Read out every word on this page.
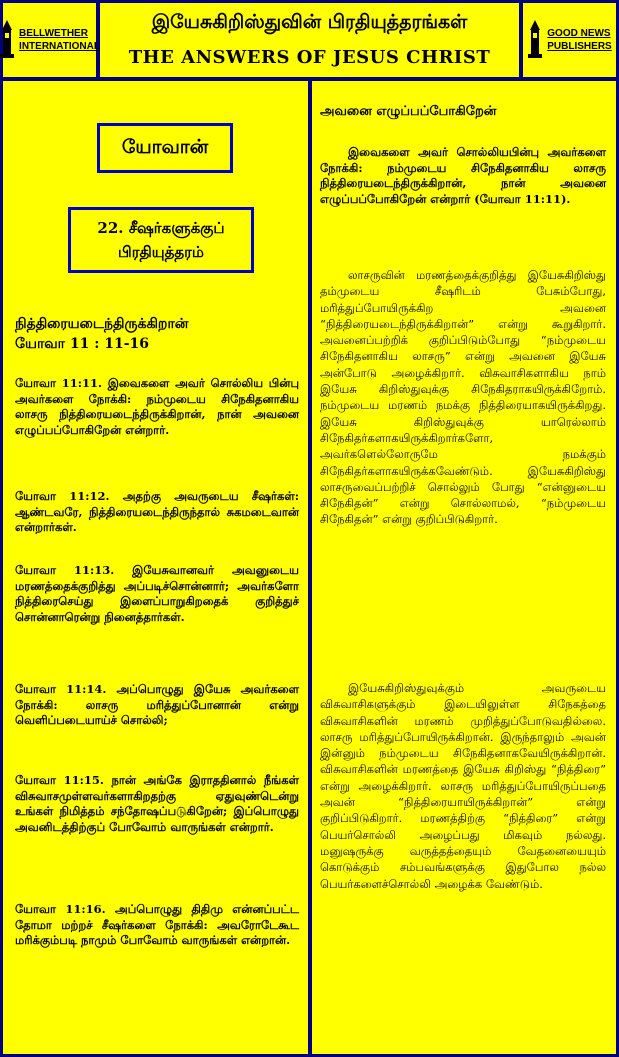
BELLWETHER
INTERNATIONAL
இயேசுகிறிஸ்துவின் பிரதியுத்தரங்கள்
THE ANSWERS OF JESUS CHRIST
GOOD NEWS
PUBLISHERS
யோவான்
22. சீஷர்களுக்குப்
பிரதியுத்தரம்
நித்திரையடைந்திருக்கிறான்
யோவா 11 : 11-16

யோவா 11:11. இவைகளை அவர் சொல்லிய பின்பு அவர்களை நோக்கி: நம்முடைய சிநேகிதனாகிய லாசரு நித்திரையடைந்திருக்கிறான், நான் அவனை எழுப்பப்போகிறேன் என்றார்.

யோவா 11:12. அதற்கு அவருடைய சீஷர்கள்: ஆண்டவரே, நித்திரையடைந்திருந்தால் சுகமடைவான் என்றார்கள்.

யோவா 11:13. இயேசுவானவர் அவனுடைய மரணத்தைக்குறித்து அப்படிச்சொன்னார்; அவர்களோ நித்திரைசெய்து இளைப்பாறுகிறதைக் குறித்துச் சொன்னாரென்று நினைத்தார்கள்.

யோவா 11:14. அப்பொழுது இயேசு அவர்களை நோக்கி: லாசரு மரித்துப்போனான் என்று வெளிப்படையாய்ச் சொல்லி;

யோவா 11:15. நான் அங்கே இராததினால் நீங்கள் விசுவாசமுள்ளவர்களாகிறதற்கு ஏதுவுண்டென்று உங்கள் நிமித்தம் சந்தோஷப்படுகிறேன்; இப்பொழுது அவனிடத்திற்குப் போவோம் வாருங்கள் என்றார்.

யோவா 11:16. அப்பொழுது திதிமு என்னப்பட்ட தோமா மற்றச் சீஷர்களை நோக்கி: அவரோடேகூட மரிக்கும்படி நாமும் போவோம் வாருங்கள் என்றான்.

அவனை எழுப்பப்போகிறேன்

இவைகளை அவர் சொல்லியபின்பு அவர்களை நோக்கி: நம்முடைய சிநேகிதனாகிய லாசரு நித்திரையடைந்திருக்கிறான், நான் அவனை எழுப்பப்போகிறேன் என்றார் (யோவா 11:11).

லாசருவின் மரணத்தைக்குறித்து இயேசுகிறிஸ்து தம்முடைய சீஷரிடம் பேசும்போது, மரித்துப்போயிருக்கிற அவனை “நித்திரையடைந்திருக்கிறான்” என்று கூறுகிறார். அவனைப்பற்றிக் குறிப்பிடும்போது “நம்முடைய சிநேகிதனாகிய லாசரு” என்று அவனை இயேசு அன்போடு அழைக்கிறார். விசுவாசிகளாகிய நாம் இயேசு கிறிஸ்துவுக்கு சிநேகிதராகயிருக்கிறோம். நம்முடைய மரணம் நமக்கு நித்திரையாகயிருக்கிறது. இயேசு கிறிஸ்துவுக்கு யாரெல்லாம் சிநேகிதர்களாகயிருக்கிறார்களோ, அவர்களெல்லோருமே நமக்கும் சிநேகிதர்களாகயிருக்கவேண்டும். இயேசுகிறிஸ்து லாசருவைப்பற்றிச் சொல்லும் போது “என்னுடைய சிநேகிதன்” என்று சொல்லாமல், “நம்முடைய சிநேகிதன்” என்று குறிப்பிடுகிறார்.

இயேசுகிறிஸ்துவுக்கும் அவருடைய விசுவாசிகளுக்கும் இடையிலுள்ள சிநேகத்தை விசுவாசிகளின் மரணம் முறித்துப்போடுவதில்லை. லாசரு மரித்துப்போயிருக்கிறான். இருந்தாலும் அவன் இன்னும் நம்முடைய சிநேகிதனாகவேயிருக்கிறான். விசுவாசிகளின் மரணத்தை இயேசு கிறிஸ்து “நித்திரை” என்று அழைக்கிறார். லாசரு மரித்துப்போயிருப்பதை அவன் “நித்திரையாயிருக்கிறான்” என்று குறிப்பிடுகிறார். மரணத்திற்கு “நித்திரை” என்று பெயர்சொல்லி அழைப்பது மிகவும் நல்லது. மனுஷருக்கு வருத்தத்தையும் வேதனையையும் கொடுக்கும் சம்பவங்களுக்கு இதுபோல நல்ல பெயர்களைச்சொல்லி அழைக்க வேண்டும்.
